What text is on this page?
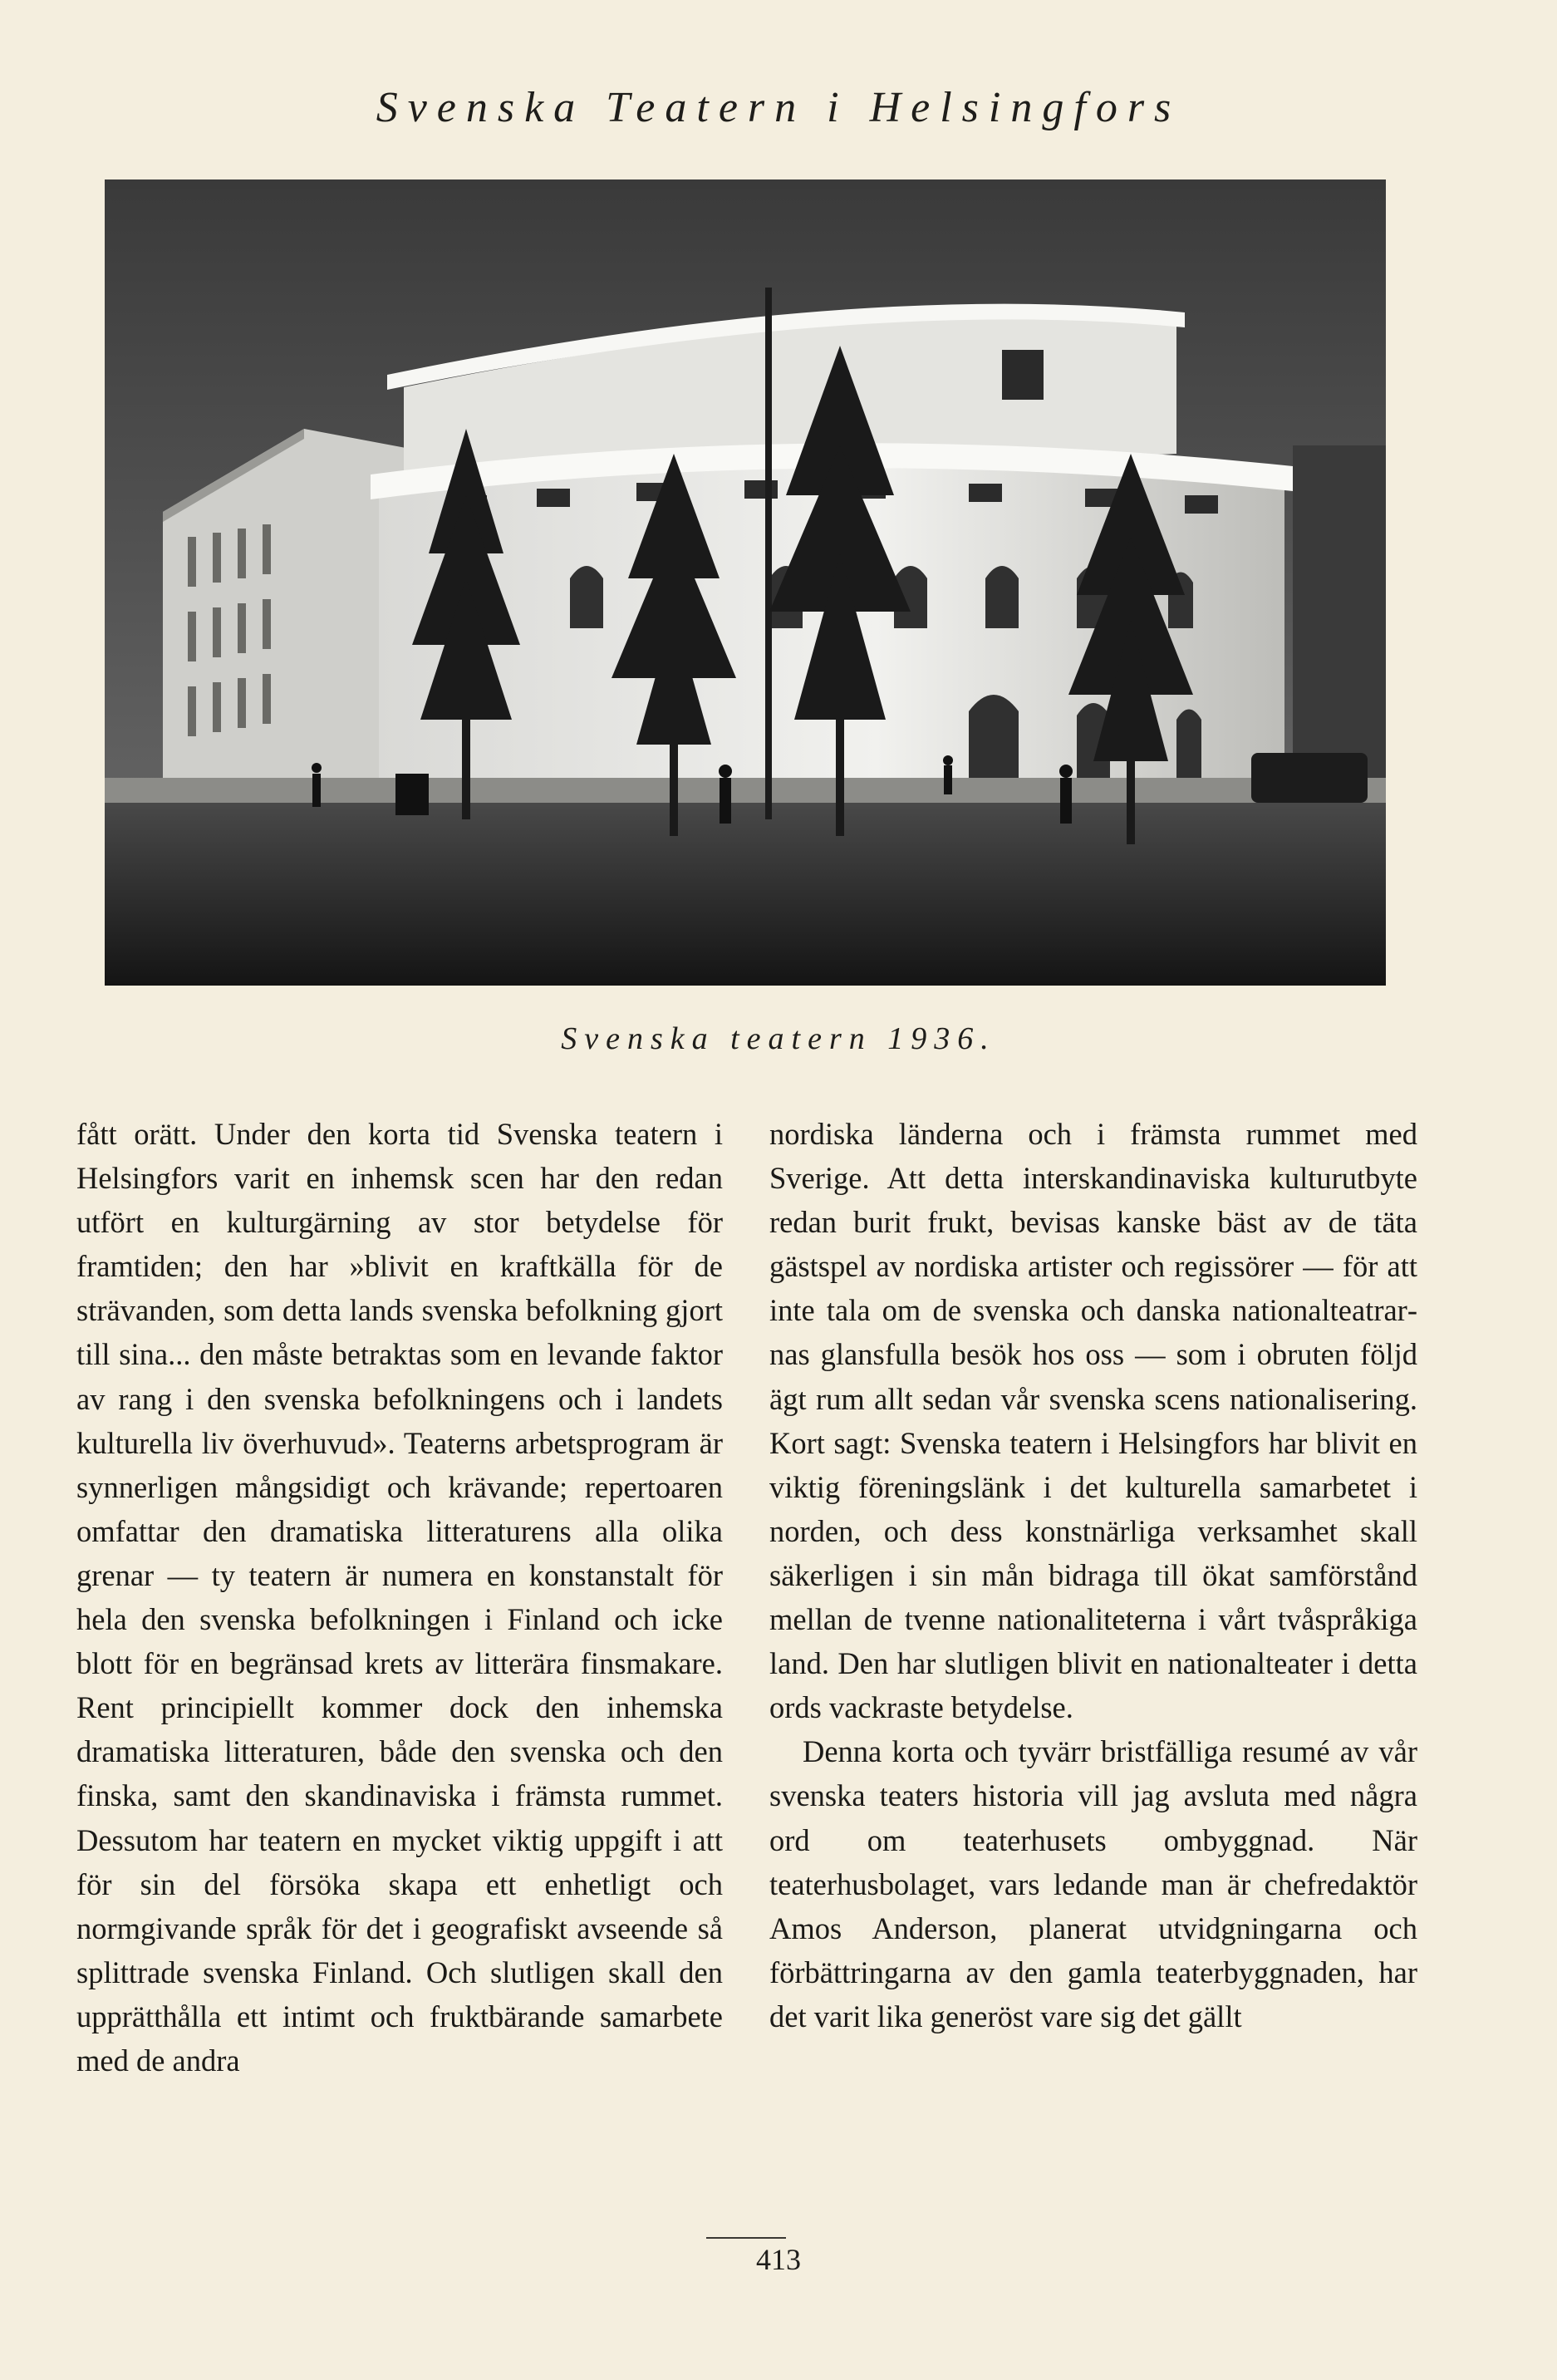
Svenska Teatern i Helsingfors
Svenska teatern 1936.

fått orätt. Under den korta tid Svenska teatern i Helsingfors varit en inhemsk scen har den redan utfört en kulturgärning av stor betydelse för framtiden; den har »blivit en kraftkälla för de strävanden, som detta lands svenska befolkning gjort till sina... den måste betraktas som en levande faktor av rang i den svenska befolkningens och i landets kulturella liv överhuvud». Teaterns arbetsprogram är synnerligen mångsidigt och krävande; repertoaren omfattar den dramatiska litteraturens alla olika grenar — ty teatern är numera en konstanstalt för hela den svenska befolkningen i Finland och icke blott för en begränsad krets av litterära finsmakare. Rent principiellt kommer dock den inhemska dramatiska litteraturen, både den svenska och den finska, samt den skandinaviska i främsta rummet. Dessutom har teatern en mycket viktig uppgift i att för sin del försöka skapa ett enhetligt och normgivande språk för det i geografiskt avseende så splittrade svenska Finland. Och slutligen skall den upprätthålla ett intimt och fruktbärande samarbete med de andra

nordiska länderna och i främsta rummet med Sverige. Att detta interskandinaviska kulturutbyte redan burit frukt, bevisas kanske bäst av de täta gästspel av nordiska artister och regissörer — för att inte tala om de svenska och danska nationalteatrarnas glansfulla besök hos oss — som i obruten följd ägt rum allt sedan vår svenska scens nationalisering. Kort sagt: Svenska teatern i Helsingfors har blivit en viktig föreningslänk i det kulturella samarbetet i norden, och dess konstnärliga verksamhet skall säkerligen i sin mån bidraga till ökat samförstånd mellan de tvenne nationaliteterna i vårt tvåspråkiga land. Den har slutligen blivit en nationalteater i detta ords vackraste betydelse.

Denna korta och tyvärr bristfälliga resumé av vår svenska teaters historia vill jag avsluta med några ord om teaterhusets ombyggnad. När teaterhusbolaget, vars ledande man är chefredaktör Amos Anderson, planerat utvidgningarna och förbättringarna av den gamla teaterbyggnaden, har det varit lika generöst vare sig det gällt

413
